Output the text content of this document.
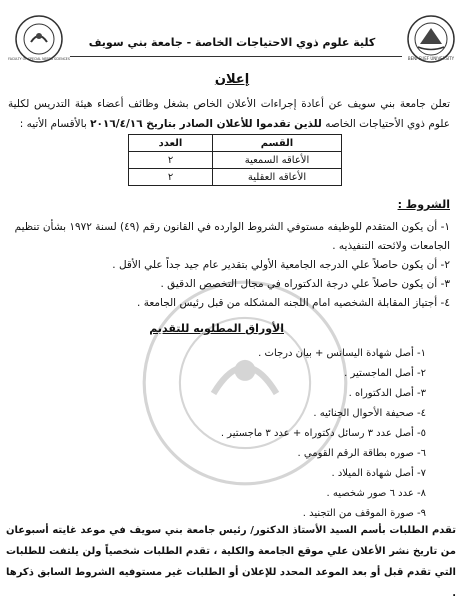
BENI-SUEF UNIVERSITY
كلية علوم ذوي الاحتياجات الخاصة - جامعة بني سويف
FACULTY OF SPECIAL NEEDS SCIENCES
إعلان
تعلن جامعة بني سويف عن أعادة إجراءات الأعلان الخاص بشغل وظائف أعضاء هيئة التدريس لكلية علوم ذوي الأحتياجات الخاصه للذين تقدموا للأعلان الصادر بتاريخ ٢٠١٦/٤/١٦ بالأقسام الأتيه :
القسم	العدد
الأعاقه السمعية	٢
الأعاقه العقلية	٢
الشروط :
١- أن يكون المتقدم للوظيفه مستوفي الشروط الوارده في القانون رقم (٤٩) لسنة ١٩٧٢ بشأن تنظيم الجامعات ولائحته التنفيذيه .
٢- أن يكون حاصلاً علي الدرجه الجامعية الأولي بتقدير عام جيد جداً علي الأقل .
٣- أن يكون حاصلاً علي درجة الدكتوراه في مجال التخصص الدقيق .
٤- أجتياز المقابلة الشخصيه امام اللجنه المشكله من قبل رئيس الجامعة .
الأوراق المطلوبه للتقديم
١- أصل شهادة اليسانس + بيان درجات .
٢- أصل الماجستير .
٣- أصل الدكتوراه .
٤- صحيفة الأحوال الجنائيه .
٥- أصل عدد ٣ رسائل دكتوراه + عدد ٣ ماجستير .
٦- صوره بطاقة الرقم القومي .
٧- أصل شهادة الميلاد .
٨- عدد ٦ صور شخصيه .
٩- صورة الموقف من التجنيد .
تقدم الطلبات بأسم السيد الأستاذ الدكتور/ رئيس جامعة بني سويف في موعد غايته أسبوعان من تاريخ نشر الأعلان علي موقع الجامعة والكلية ، تقدم الطلبات شخصياً ولن يلتفت للطلبات التي تقدم قبل أو بعد الموعد المحدد للإعلان أو الطلبات غير مستوفيه الشروط السابق ذكرها .
